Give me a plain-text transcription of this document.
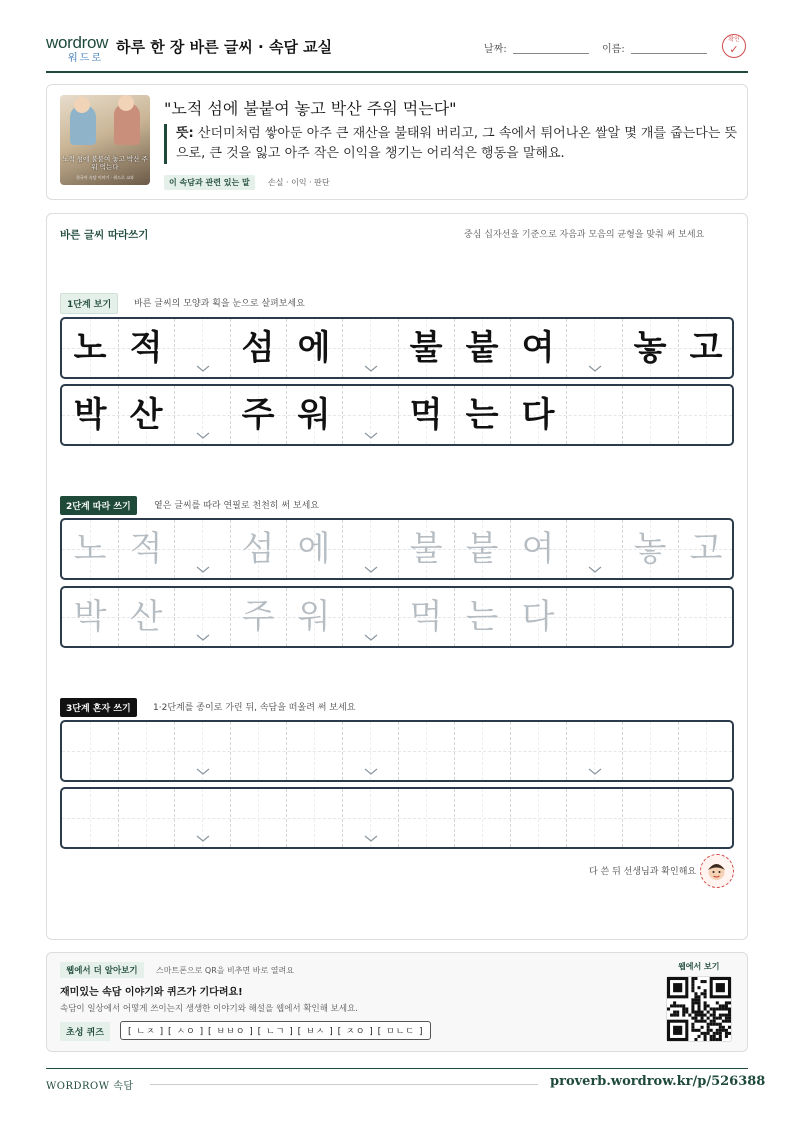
wordrow
워드로
하루 한 장 바른 글씨 · 속담 교실	날짜:	이름:
확인
✓
노적 섬에 불붙여 놓고 박산 주워 먹는다
한국어 속담 이야기 · 워드로 교과
"노적 섬에 불붙여 놓고 박산 주워 먹는다"
뜻: 산더미처럼 쌓아둔 아주 큰 재산을 불태워 버리고, 그 속에서 튀어나온 쌀알 몇 개를 줍는다는 뜻으로, 큰 것을 잃고 아주 작은 이익을 챙기는 어리석은 행동을 말해요.
이 속담과 관련 있는 말	손실 · 이익 · 판단
바른 글씨 따라쓰기	중심 십자선을 기준으로 자음과 모음의 균형을 맞춰 써 보세요
1단계 보기	바른 글씨의 모양과 획을 눈으로 살펴보세요
2단계 따라 쓰기	옅은 글씨를 따라 연필로 천천히 써 보세요
3단계 혼자 쓰기	1·2단계를 종이로 가린 뒤, 속담을 떠올려 써 보세요
노 적	섬 에	불 붙 여	놓 고
박 산	주 워	먹 는 다
노 적	섬 에	불 붙 여	놓 고
박 산	주 워	먹 는 다
다 쓴 뒤 선생님과 확인해요
웹에서 더 알아보기	스마트폰으로 QR을 비추면 바로 열려요
재미있는 속담 이야기와 퀴즈가 기다려요!
속담이 일상에서 어떻게 쓰이는지 생생한 이야기와 해설을 웹에서 확인해 보세요.
초성 퀴즈	[ ㄴㅈ ] [ ㅅㅇ ] [ ㅂㅂㅇ ] [ ㄴㄱ ] [ ㅂㅅ ] [ ㅈㅇ ] [ ㅁㄴㄷ ]
웹에서 보기
WORDROW 속담	proverb.wordrow.kr/p/526388
